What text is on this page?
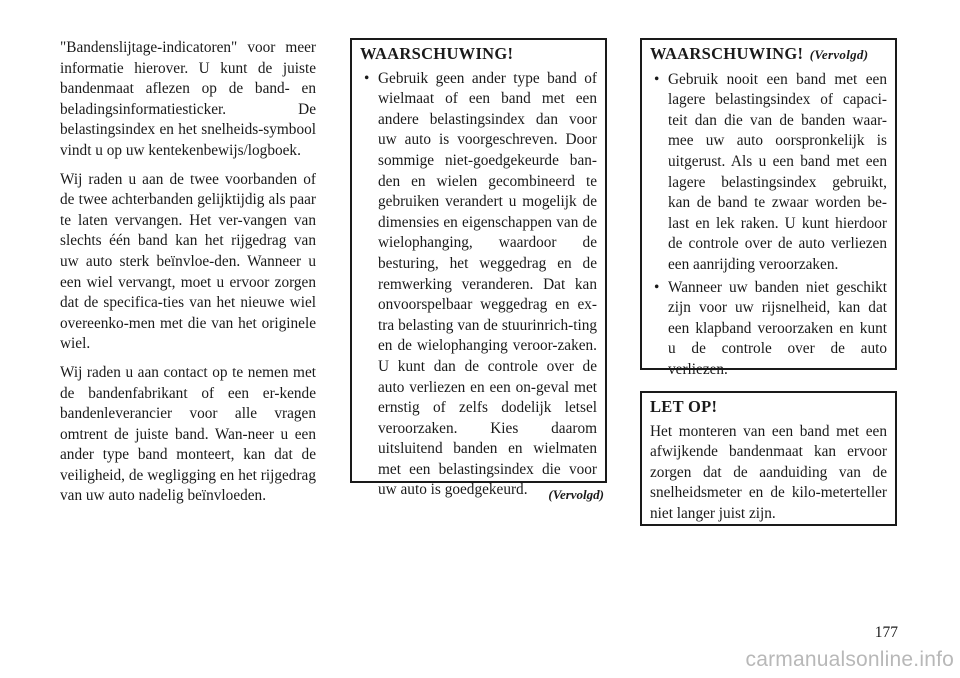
"Bandenslijtage-indicatoren" voor meer informatie hierover. U kunt de juiste bandenmaat aflezen op de band- en beladingsinformatiesticker. De belastingsindex en het snelheids-symbool vindt u op uw kentekenbewijs/logboek.

Wij raden u aan de twee voorbanden of de twee achterbanden gelijktijdig als paar te laten vervangen. Het ver-vangen van slechts één band kan het rijgedrag van uw auto sterk beïnvloe-den. Wanneer u een wiel vervangt, moet u ervoor zorgen dat de specifica-ties van het nieuwe wiel overeenko-men met die van het originele wiel.

Wij raden u aan contact op te nemen met de bandenfabrikant of een er-kende bandenleverancier voor alle vragen omtrent de juiste band. Wan-neer u een ander type band monteert, kan dat de veiligheid, de wegligging en het rijgedrag van uw auto nadelig beïnvloeden.

WAARSCHUWING!
• Gebruik geen ander type band of wielmaat of een band met een andere belastingsindex dan voor uw auto is voorgeschreven. Door sommige niet-goedgekeurde ban-den en wielen gecombineerd te gebruiken verandert u mogelijk de dimensies en eigenschappen van de wielophanging, waardoor de besturing, het weggedrag en de remwerking veranderen. Dat kan onvoorspelbaar weggedrag en ex-tra belasting van de stuurinrich-ting en de wielophanging veroor-zaken. U kunt dan de controle over de auto verliezen en een on-geval met ernstig of zelfs dodelijk letsel veroorzaken. Kies daarom uitsluitend banden en wielmaten met een belastingsindex die voor uw auto is goedgekeurd.	(Vervolgd)
WAARSCHUWING! (Vervolgd)
• Gebruik nooit een band met een lagere belastingsindex of capaci-teit dan die van de banden waar-mee uw auto oorspronkelijk is uitgerust. Als u een band met een lagere belastingsindex gebruikt, kan de band te zwaar worden be-last en lek raken. U kunt hierdoor de controle over de auto verliezen een aanrijding veroorzaken.
• Wanneer uw banden niet geschikt zijn voor uw rijsnelheid, kan dat een klapband veroorzaken en kunt u de controle over de auto verliezen.
LET OP!

Het monteren van een band met een afwijkende bandenmaat kan ervoor zorgen dat de aanduiding van de snelheidsmeter en de kilo-meterteller niet langer juist zijn.

177
carmanualsonline.info
